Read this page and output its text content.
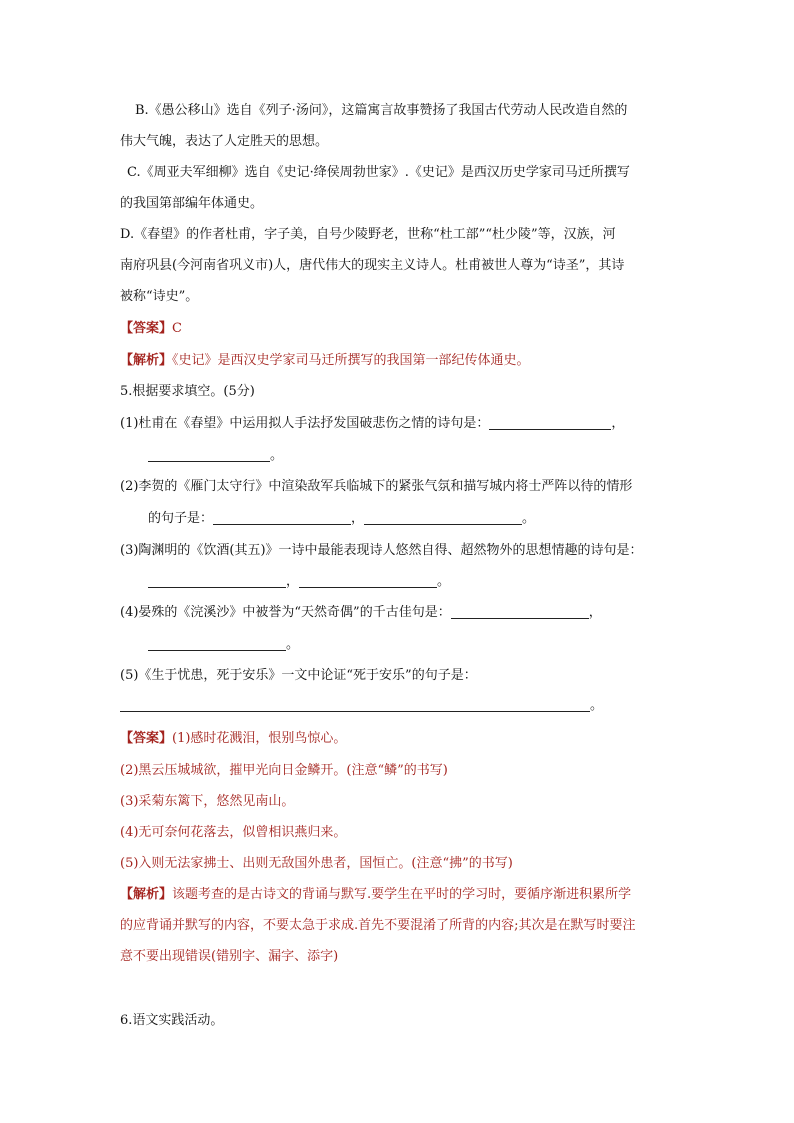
B.《愚公移山》选自《列子·汤问》，这篇寓言故事赞扬了我国古代劳动人民改造自然的
伟大气魄，表达了人定胜天的思想。
C.《周亚夫军细柳》选自《史记·绛侯周勃世家》.《史记》是西汉历史学家司马迁所撰写
的我国第部编年体通史。
D.《春望》的作者杜甫，字子美，自号少陵野老，世称“杜工部”“杜少陵”等，汉族，河
南府巩县(今河南省巩义市)人，唐代伟大的现实主义诗人。杜甫被世人尊为“诗圣”，其诗
被称“诗史”。
【答案】C
【解析】《史记》是西汉史学家司马迁所撰写的我国第一部纪传体通史。
5.根据要求填空。(5分)
(1)杜甫在《春望》中运用拟人手法抒发国破悲伤之情的诗句是：	，
。
(2)李贺的《雁门太守行》中渲染敌军兵临城下的紧张气氛和描写城内将士严阵以待的情形
的句子是：	，	。
(3)陶渊明的《饮酒(其五)》一诗中最能表现诗人悠然自得、超然物外的思想情趣的诗句是：
，	。
(4)晏殊的《浣溪沙》中被誉为“天然奇偶”的千古佳句是：	，
。
(5)《生于忧患，死于安乐》一文中论证“死于安乐”的句子是：
。
【答案】(1)感时花溅泪，恨别鸟惊心。
(2)黑云压城城欲，摧甲光向日金鳞开。(注意“鳞”的书写)
(3)采菊东篱下，悠然见南山。
(4)无可奈何花落去，似曾相识燕归来。
(5)入则无法家拂士、出则无敌国外患者，国恒亡。(注意“拂”的书写)
【解析】该题考查的是古诗文的背诵与默写.要学生在平时的学习时，要循序渐进积累所学
的应背诵并默写的内容，不要太急于求成.首先不要混淆了所背的内容;其次是在默写时要注
意不要出现错误(错别字、漏字、添字)
6.语文实践活动。
